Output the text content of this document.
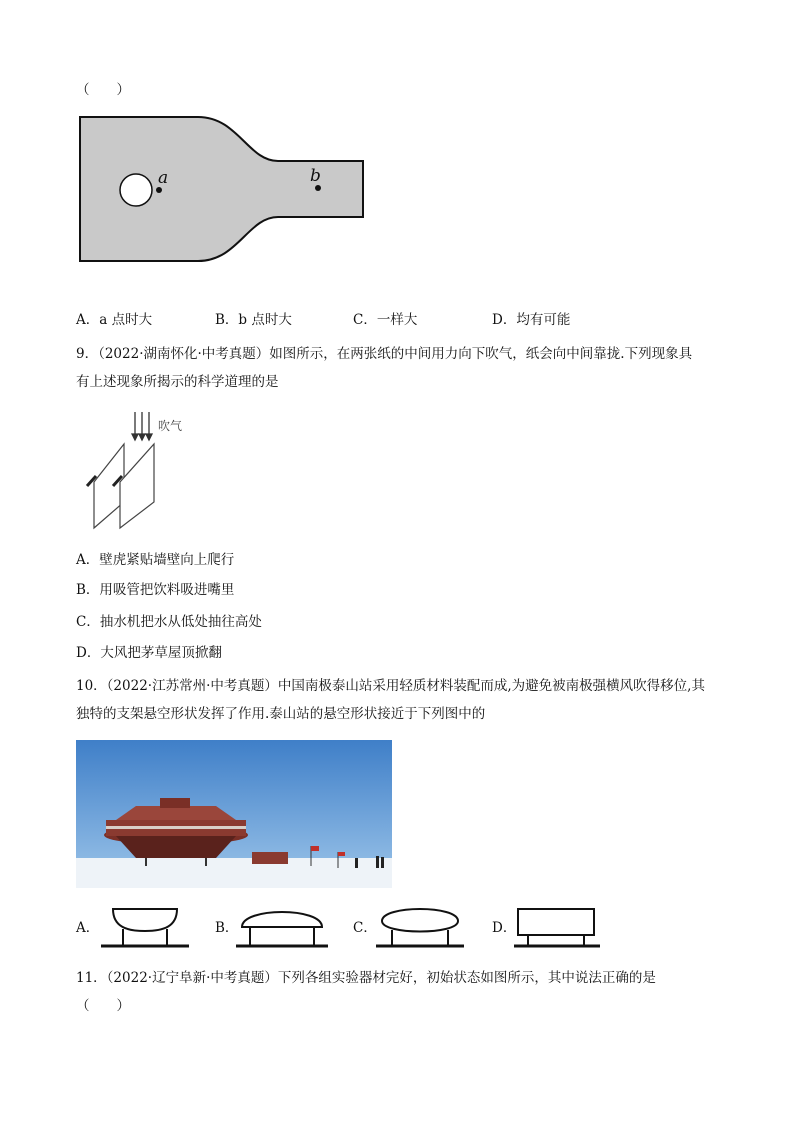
（　　）
a	b
A．a 点时大	B．b 点时大	C．一样大	D．均有可能
9．（2022·湖南怀化·中考真题）如图所示，在两张纸的中间用力向下吹气，纸会向中间靠拢.下列现象具
有上述现象所揭示的科学道理的是
吹气
A．壁虎紧贴墙壁向上爬行
B．用吸管把饮料吸进嘴里
C．抽水机把水从低处抽往高处
D．大风把茅草屋顶掀翻
10．（2022·江苏常州·中考真题）中国南极泰山站采用轻质材料装配而成,为避免被南极强横风吹得移位,其
独特的支架悬空形状发挥了作用.泰山站的悬空形状接近于下列图中的
A．	B．	C．	D．
11．（2022·辽宁阜新·中考真题）下列各组实验器材完好，初始状态如图所示，其中说法正确的是
（　　）
